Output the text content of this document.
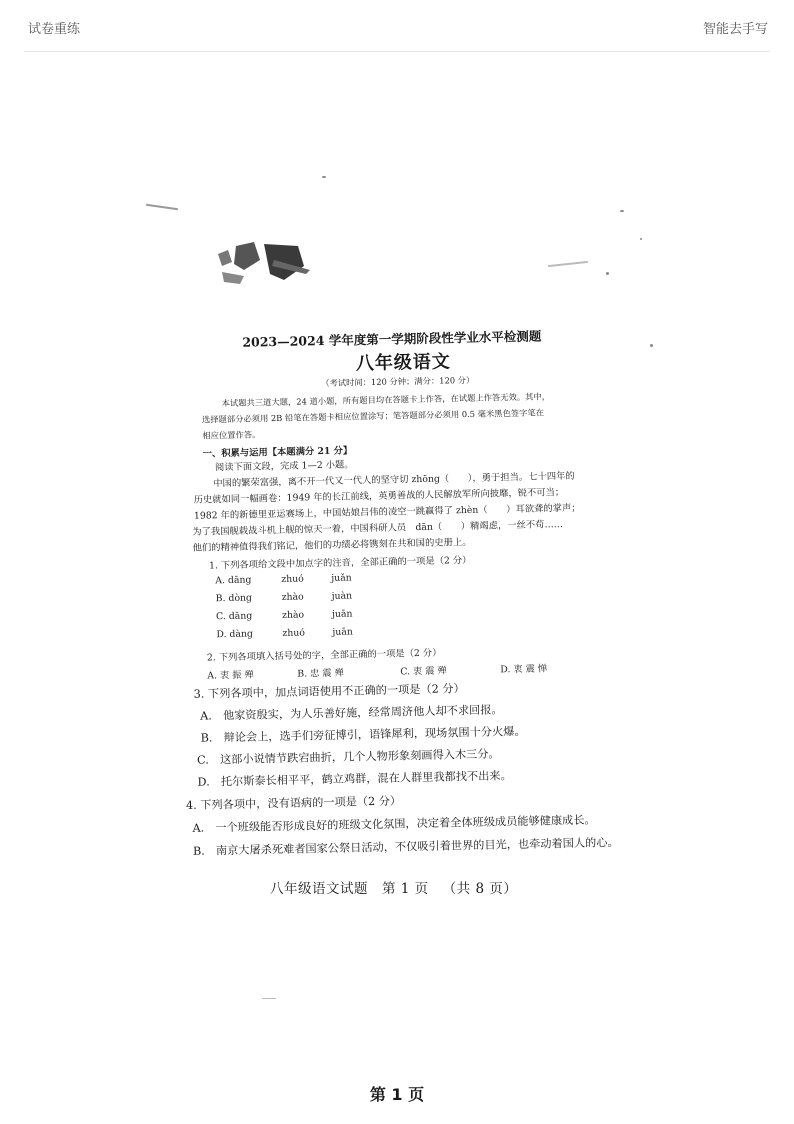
试卷重练	智能去手写
2023—2024 学年度第一学期阶段性学业水平检测题
八年级语文
（考试时间：120 分钟；满分：120 分）
本试题共三道大题，24 道小题，所有题目均在答题卡上作答，在试题上作答无效。其中，
选择题部分必须用 2B 铅笔在答题卡相应位置涂写；笔答题部分必须用 0.5 毫米黑色签字笔在
相应位置作答。
一、积累与运用【本题满分 21 分】
阅读下面文段，完成 1—2 小题。
中国的繁荣富强，离不开一代又一代人的坚守切 zhōng（　　），勇于担当。七十四年的
历史就如同一幅画卷：1949 年的长江前线，英勇善战的人民解放军所向披靡，锐不可当；
1982 年的新德里亚运赛场上，中国姑娘吕伟的凌空一跳赢得了 zhèn（　　）耳欲聋的掌声；
为了我国舰载战斗机上舰的惊天一着，中国科研人员　dān（　　）精竭虑，一丝不苟……
他们的精神值得我们铭记，他们的功绩必将镌刻在共和国的史册上。
1. 下列各项给文段中加点字的注音，全部正确的一项是（2 分）
A. dāng	zhuó	juǎn
B. dòng	zhào	juàn
C. dāng	zhào	juān
D. dàng	zhuó	juān
2. 下列各项填入括号处的字，全部正确的一项是（2 分）
A. 衷 振 殚	B. 忠 震 殚	C. 衷 震 殚	D. 衷 震 惮
3. 下列各项中，加点词语使用不正确的一项是（2 分）
A.　他家资殷实，为人乐善好施，经常周济他人却不求回报。
B.　辩论会上，选手们旁征博引，语锋犀利，现场氛围十分火爆。
C.　这部小说情节跌宕曲折，几个人物形象刻画得入木三分。
D.　托尔斯泰长相平平，鹤立鸡群，混在人群里我都找不出来。
4. 下列各项中，没有语病的一项是（2 分）
A.　一个班级能否形成良好的班级文化氛围，决定着全体班级成员能够健康成长。
B.　南京大屠杀死难者国家公祭日活动，不仅吸引着世界的目光，也牵动着国人的心。
八年级语文试题 第 1 页 （共 8 页）
第 1 页
